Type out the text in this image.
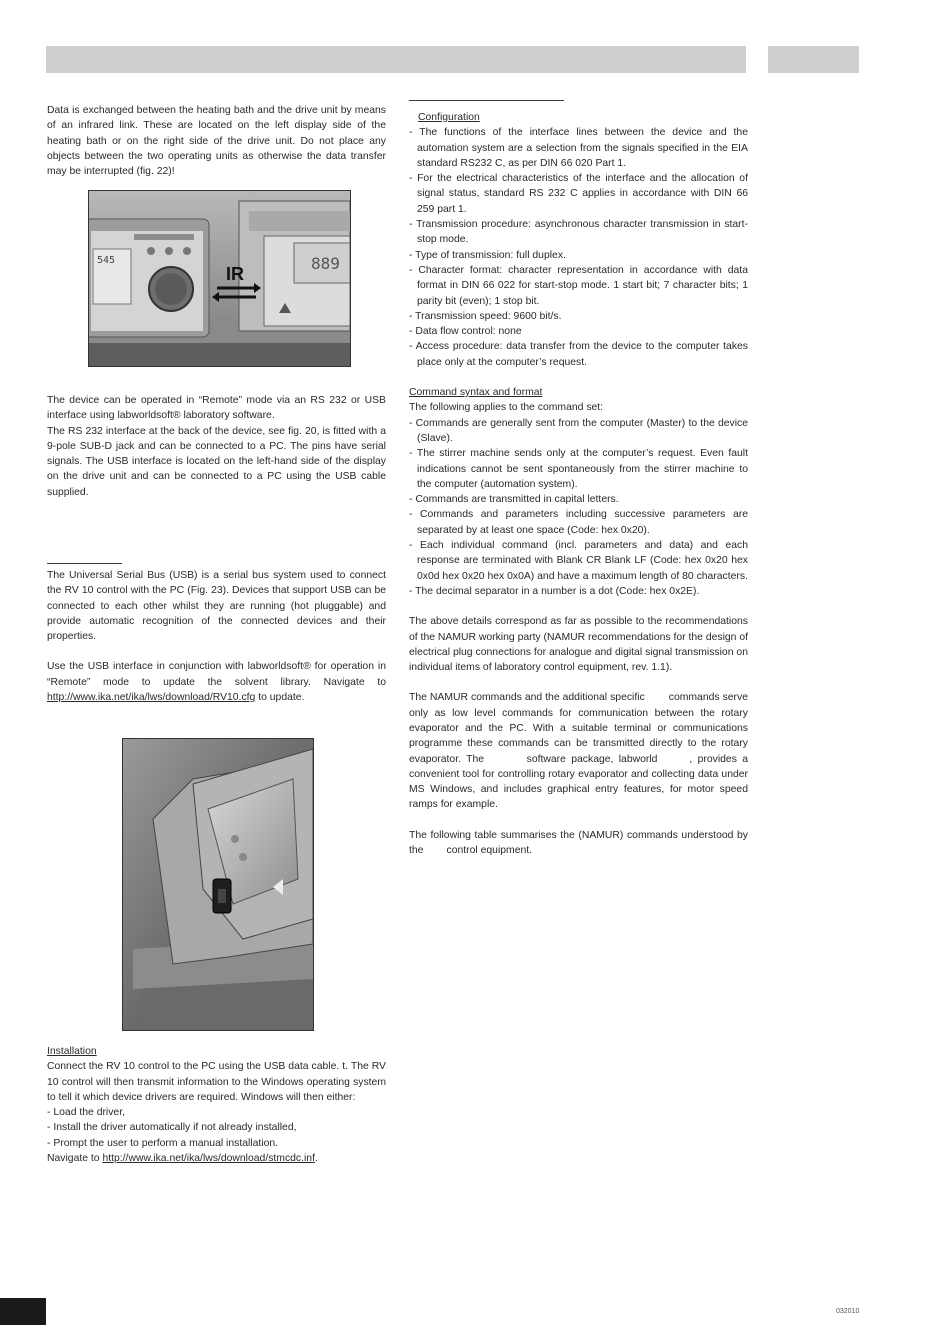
Data is exchanged between the heating bath and the drive unit by means of an infrared link. These are located on the left display side of the heating bath or on the right side of the drive unit. Do not place any objects between the two operating units as otherwise the data transfer may be interrupted (fig. 22)!

545	889
IR

The device can be operated in “Remote” mode via an RS 232 or USB interface using labworldsoft® laboratory software.

The RS 232 interface at the back of the device, see fig. 20, is fitted with a 9-pole SUB-D jack and can be connected to a PC. The pins have serial signals. The USB interface is located on the left-hand side of the display on the drive unit and can be connected to a PC using the USB cable supplied.

The Universal Serial Bus (USB) is a serial bus system used to connect the RV 10 control with the PC (Fig. 23). Devices that support USB can be connected to each other whilst they are running (hot pluggable) and provide automatic recognition of the connected devices and their properties.

Use the USB interface in conjunction with labworldsoft® for operation in “Remote” mode to update the solvent library. Navigate to http://www.ika.net/ika/lws/download/RV10.cfg to update.

Installation

Connect the RV 10 control to the PC using the USB data cable. t. The RV 10 control will then transmit information to the Windows operating system to tell it which device drivers are required. Windows will then either:

- Load the driver,
- Install the driver automatically if not already installed,
- Prompt the user to perform a manual installation.

Navigate to http://www.ika.net/ika/lws/download/stmcdc.inf.

Configuration

- The functions of the interface lines between the device and the automation system are a selection from the signals specified in the EIA standard RS232 C, as per DIN 66 020 Part 1.
- For the electrical characteristics of the interface and the allocation of signal status, standard RS 232 C applies in accordance with DIN 66 259 part 1.
- Transmission procedure: asynchronous character transmission in start-stop mode.
- Type of transmission: full duplex.
- Character format: character representation in accordance with data format in DIN 66 022 for start-stop mode. 1 start bit; 7 character bits; 1 parity bit (even); 1 stop bit.
- Transmission speed: 9600 bit/s.
- Data flow control: none
- Access procedure: data transfer from the device to the computer takes place only at the computer’s request.

Command syntax and format

The following applies to the command set:

- Commands are generally sent from the computer (Master) to the device (Slave).
- The stirrer machine sends only at the computer’s request. Even fault indications cannot be sent spontaneously from the stirrer machine to the computer (automation system).
- Commands are transmitted in capital letters.
- Commands and parameters including successive parameters are separated by at least one space (Code: hex 0x20).
- Each individual command (incl. parameters and data) and each response are terminated with Blank CR Blank LF (Code: hex 0x20 hex 0x0d hex 0x20 hex 0x0A) and have a maximum length of 80 characters.
- The decimal separator in a number is a dot (Code: hex 0x2E).

The above details correspond as far as possible to the recommendations of the NAMUR working party (NAMUR recommendations for the design of electrical plug connections for analogue and digital signal transmission on individual items of laboratory control equipment, rev. 1.1).

The NAMUR commands and the additional specific        commands serve only as low level commands for communication between the rotary evaporator and the PC. With a suitable terminal or communications programme these commands can be transmitted directly to the rotary evaporator. The        software package, labworld      , provides a convenient tool for controlling rotary evaporator and collecting data under MS Windows, and includes graphical entry features, for motor speed ramps for example.

The following table summarises the (NAMUR) commands understood by the        control equipment.

032010
